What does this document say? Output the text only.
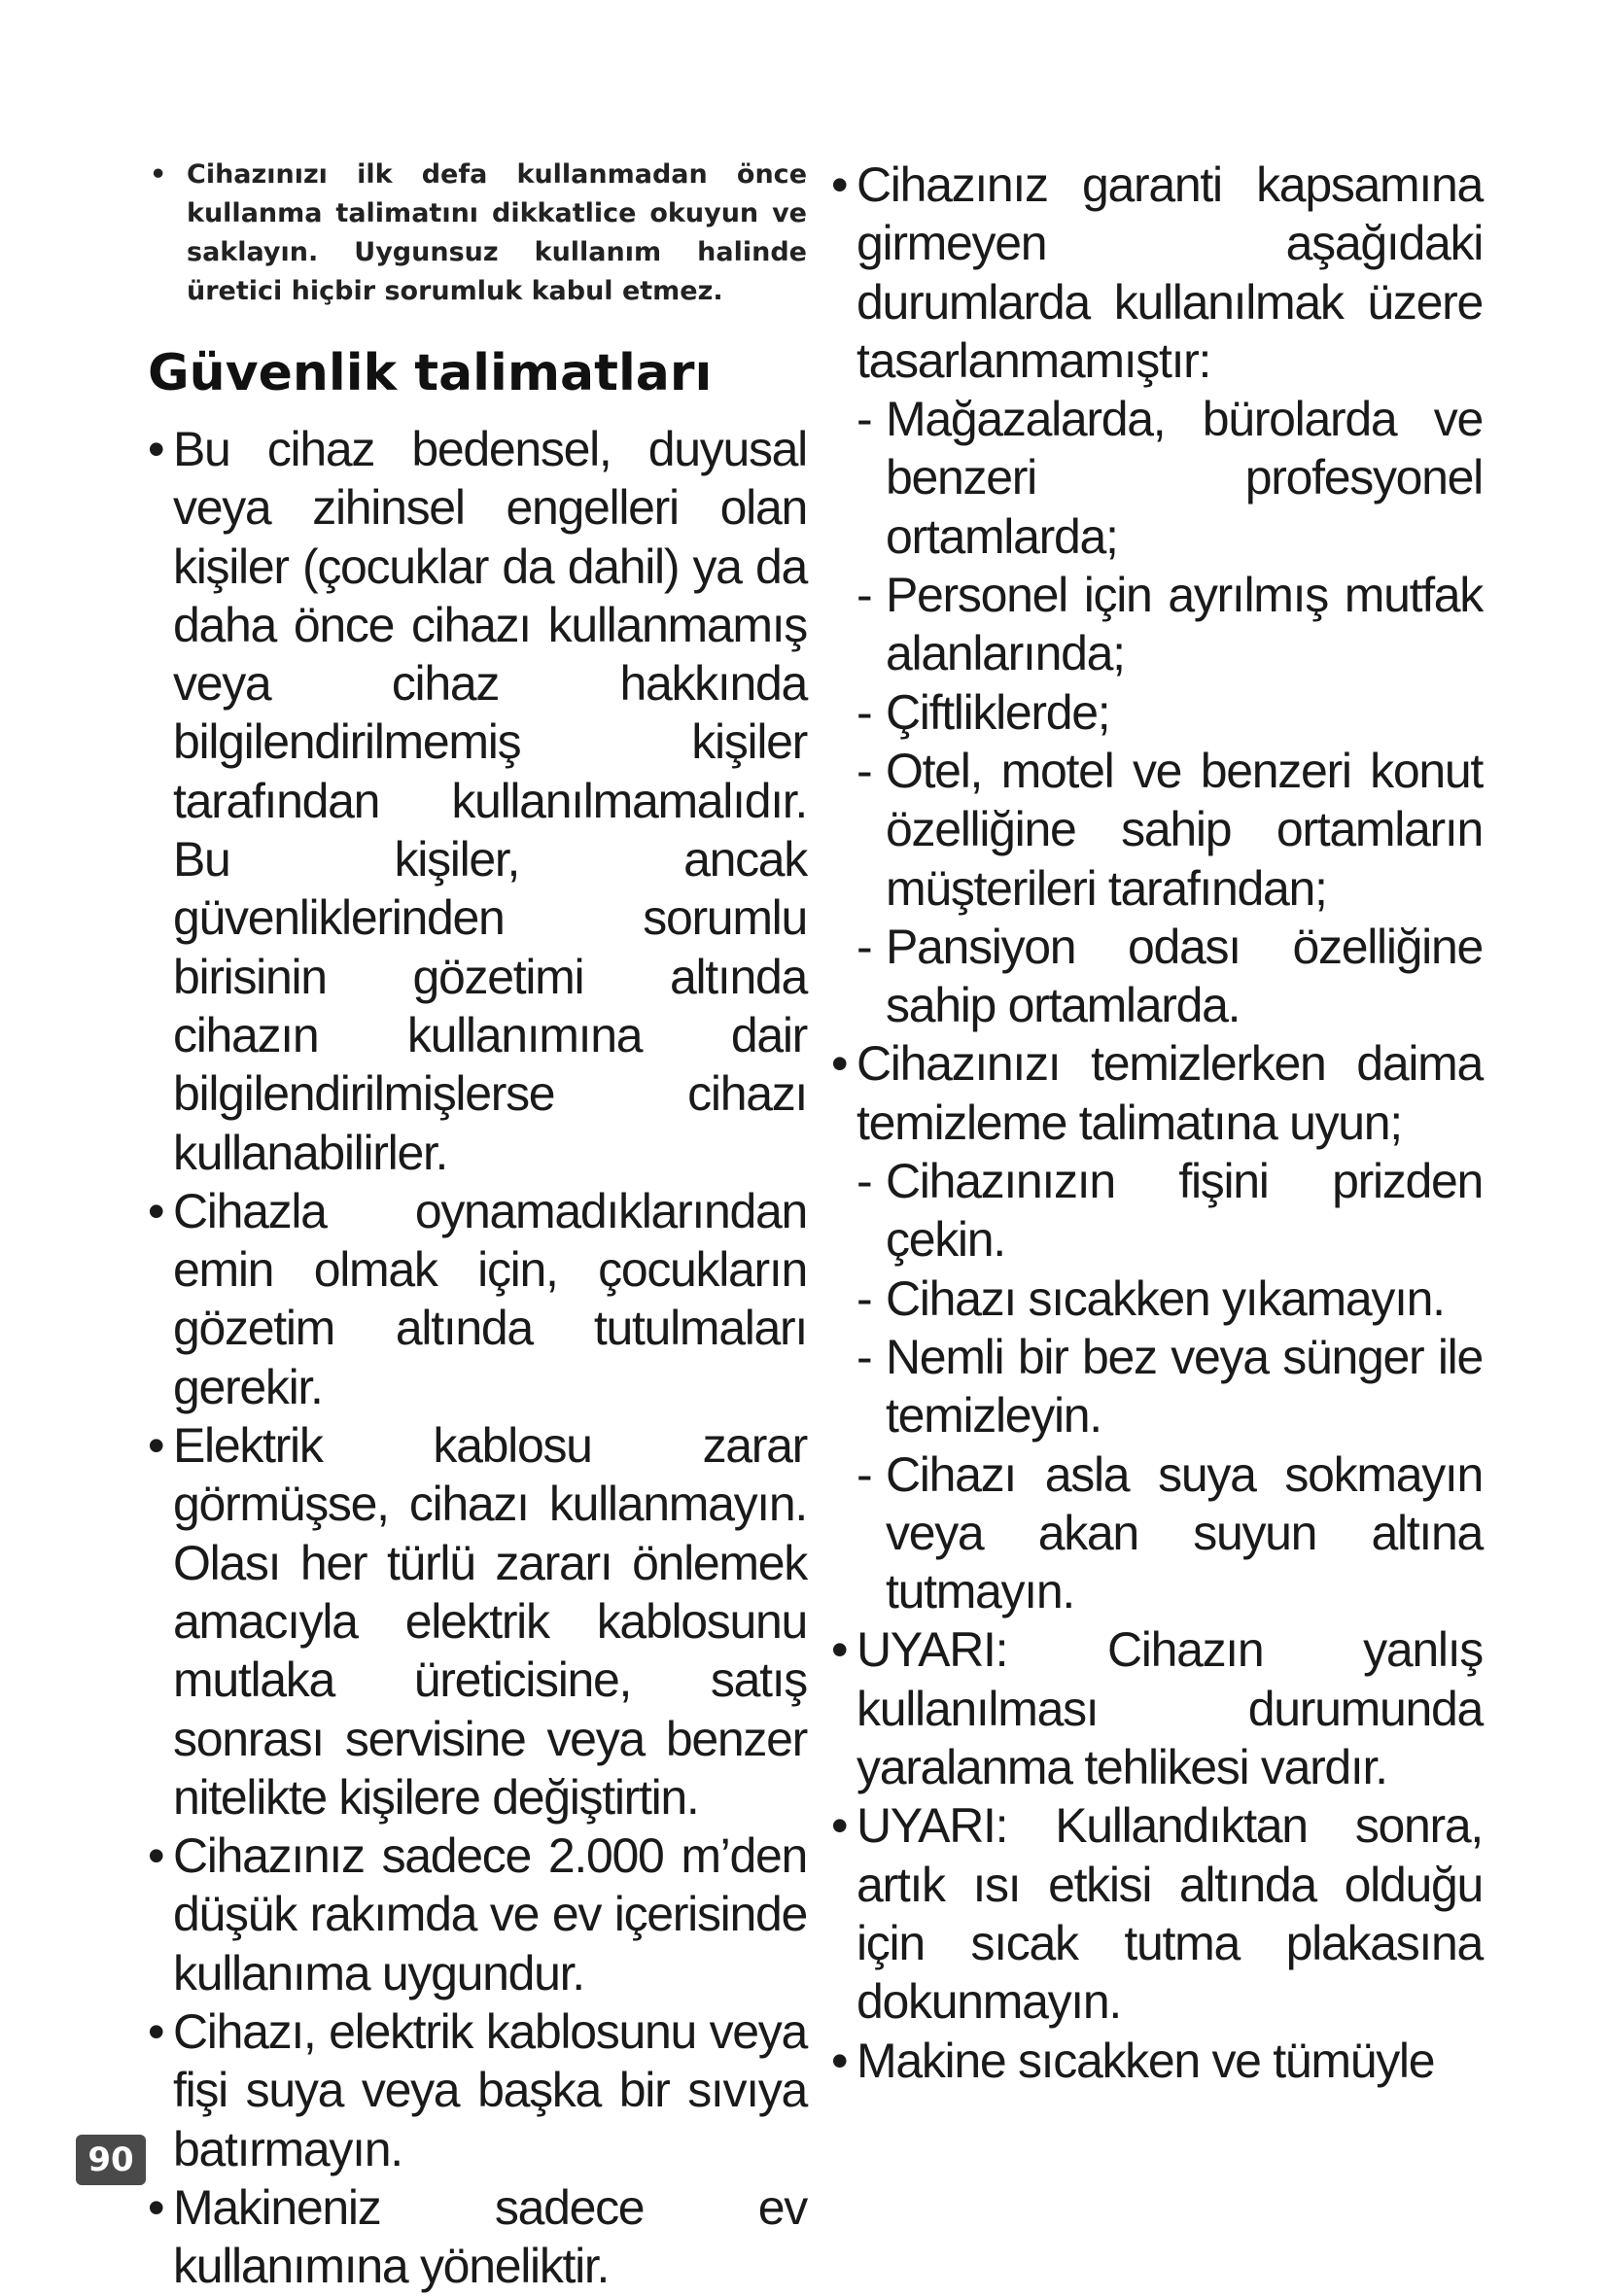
• Cihazınızı ilk defa kullanmadan önce kullanma talimatını dikkatlice okuyun ve saklayın. Uygunsuz kullanım halinde üretici hiçbir sorumluk kabul etmez.

Güvenlik talimatları

• Bu cihaz bedensel, duyusal veya zihinsel engelleri olan kişiler (çocuklar da dahil) ya da daha önce cihazı kullanmamış veya cihaz hakkında bilgilendirilmemiş kişiler tarafından kullanılmamalıdır. Bu kişiler, ancak güvenliklerinden sorumlu birisinin gözetimi altında cihazın kullanımına dair bilgilendirilmişlerse cihazı kullanabilirler.

• Cihazla oynamadıklarından emin olmak için, çocukların gözetim altında tutulmaları gerekir.

• Elektrik kablosu zarar görmüşse, cihazı kullanmayın. Olası her türlü zararı önlemek amacıyla elektrik kablosunu mutlaka üreticisine, satış sonrası servisine veya benzer nitelikte kişilere değiştirtin.

• Cihazınız sadece 2.000 m’den düşük rakımda ve ev içerisinde kullanıma uygundur.

• Cihazı, elektrik kablosunu veya fişi suya veya başka bir sıvıya batırmayın.

• Makineniz sadece ev kullanımına yöneliktir.

• Cihazınız garanti kapsamına girmeyen aşağıdaki durumlarda kullanılmak üzere tasarlanmamıştır:

- Mağazalarda, bürolarda ve benzeri profesyonel ortamlarda;

- Personel için ayrılmış mutfak alanlarında;

- Çiftliklerde;

- Otel, motel ve benzeri konut özelliğine sahip ortamların müşterileri tarafından;

- Pansiyon odası özelliğine sahip ortamlarda.

• Cihazınızı temizlerken daima temizleme talimatına uyun;

- Cihazınızın fişini prizden çekin.

- Cihazı sıcakken yıkamayın.

- Nemli bir bez veya sünger ile temizleyin.

- Cihazı asla suya sokmayın veya akan suyun altına tutmayın.

• UYARI: Cihazın yanlış kullanılması durumunda yaralanma tehlikesi vardır.

• UYARI: Kullandıktan sonra, artık ısı etkisi altında olduğu için sıcak tutma plakasına dokunmayın.

• Makine sıcakken ve tümüyle

90
